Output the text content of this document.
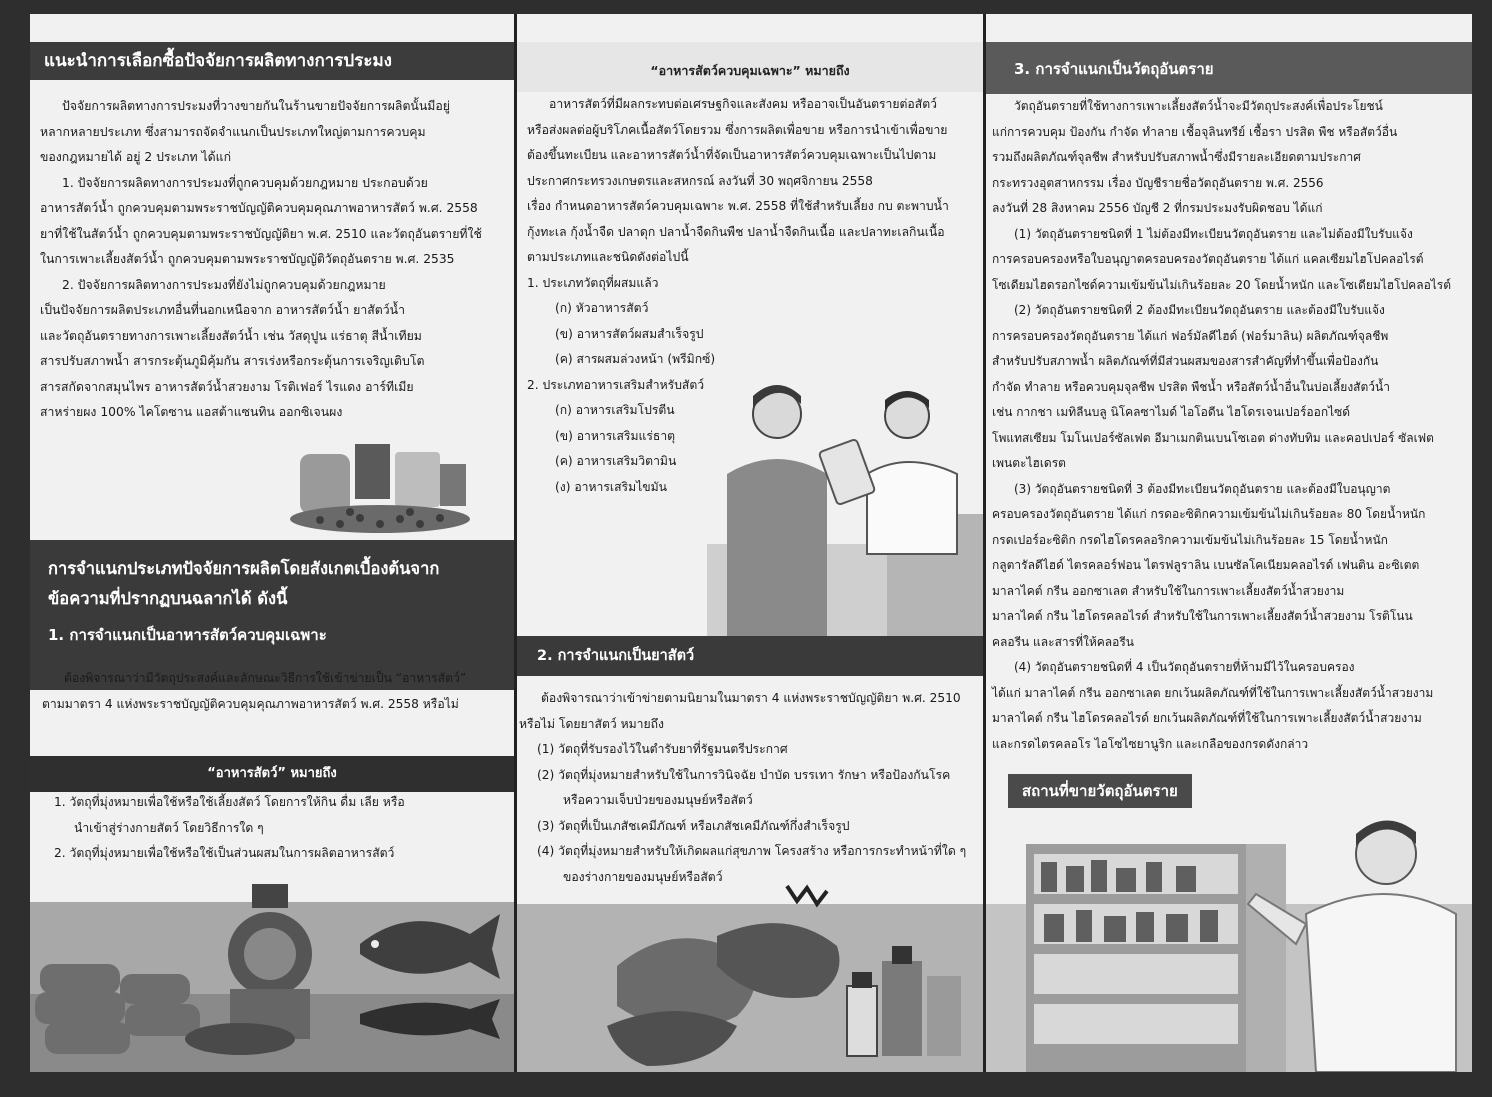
แนะนำการเลือกซื้อปัจจัยการผลิตทางการประมง
ปัจจัยการผลิตทางการประมงที่วางขายกันในร้านขายปัจจัยการผลิตนั้นมีอยู่
หลากหลายประเภท ซึ่งสามารถจัดจำแนกเป็นประเภทใหญ่ตามการควบคุม
ของกฎหมายได้ อยู่ 2 ประเภท ได้แก่
1. ปัจจัยการผลิตทางการประมงที่ถูกควบคุมด้วยกฎหมาย ประกอบด้วย
อาหารสัตว์น้ำ ถูกควบคุมตามพระราชบัญญัติควบคุมคุณภาพอาหารสัตว์ พ.ศ. 2558
ยาที่ใช้ในสัตว์น้ำ ถูกควบคุมตามพระราชบัญญัติยา พ.ศ. 2510 และวัตถุอันตรายที่ใช้
ในการเพาะเลี้ยงสัตว์น้ำ ถูกควบคุมตามพระราชบัญญัติวัตถุอันตราย พ.ศ. 2535
2. ปัจจัยการผลิตทางการประมงที่ยังไม่ถูกควบคุมด้วยกฎหมาย
เป็นปัจจัยการผลิตประเภทอื่นที่นอกเหนือจาก อาหารสัตว์น้ำ ยาสัตว์น้ำ
และวัตถุอันตรายทางการเพาะเลี้ยงสัตว์น้ำ เช่น วัสดุปูน แร่ธาตุ สีน้ำเทียม
สารปรับสภาพน้ำ สารกระตุ้นภูมิคุ้มกัน สารเร่งหรือกระตุ้นการเจริญเติบโต
สารสกัดจากสมุนไพร อาหารสัตว์น้ำสวยงาม โรติเฟอร์ ไรแดง อาร์ทีเมีย
สาหร่ายผง 100% ไคโตซาน แอสต้าแซนทิน ออกซิเจนผง
การจำแนกประเภทปัจจัยการผลิตโดยสังเกตเบื้องต้นจาก
ข้อความที่ปรากฏบนฉลากได้ ดังนี้
1. การจำแนกเป็นอาหารสัตว์ควบคุมเฉพาะ
ต้องพิจารณาว่ามีวัตถุประสงค์และลักษณะวิธีการใช้เข้าข่ายเป็น “อาหารสัตว์”
ตามมาตรา 4 แห่งพระราชบัญญัติควบคุมคุณภาพอาหารสัตว์ พ.ศ. 2558 หรือไม่
“อาหารสัตว์” หมายถึง
1. วัตถุที่มุ่งหมายเพื่อใช้หรือใช้เลี้ยงสัตว์ โดยการให้กิน ดื่ม เลีย หรือ
นำเข้าสู่ร่างกายสัตว์ โดยวิธีการใด ๆ
2. วัตถุที่มุ่งหมายเพื่อใช้หรือใช้เป็นส่วนผสมในการผลิตอาหารสัตว์
“อาหารสัตว์ควบคุมเฉพาะ” หมายถึง
อาหารสัตว์ที่มีผลกระทบต่อเศรษฐกิจและสังคม หรืออาจเป็นอันตรายต่อสัตว์
หรือส่งผลต่อผู้บริโภคเนื้อสัตว์โดยรวม ซึ่งการผลิตเพื่อขาย หรือการนำเข้าเพื่อขาย
ต้องขึ้นทะเบียน และอาหารสัตว์น้ำที่จัดเป็นอาหารสัตว์ควบคุมเฉพาะเป็นไปตาม
ประกาศกระทรวงเกษตรและสหกรณ์ ลงวันที่ 30 พฤศจิกายน 2558
เรื่อง กำหนดอาหารสัตว์ควบคุมเฉพาะ พ.ศ. 2558 ที่ใช้สำหรับเลี้ยง กบ ตะพาบน้ำ
กุ้งทะเล กุ้งน้ำจืด ปลาดุก ปลาน้ำจืดกินพืช ปลาน้ำจืดกินเนื้อ และปลาทะเลกินเนื้อ
ตามประเภทและชนิดดังต่อไปนี้
1. ประเภทวัตถุที่ผสมแล้ว
(ก) หัวอาหารสัตว์
(ข) อาหารสัตว์ผสมสำเร็จรูป
(ค) สารผสมล่วงหน้า (พรีมิกซ์)
2. ประเภทอาหารเสริมสำหรับสัตว์
(ก) อาหารเสริมโปรตีน
(ข) อาหารเสริมแร่ธาตุ
(ค) อาหารเสริมวิตามิน
(ง) อาหารเสริมไขมัน
2. การจำแนกเป็นยาสัตว์
ต้องพิจารณาว่าเข้าข่ายตามนิยามในมาตรา 4 แห่งพระราชบัญญัติยา พ.ศ. 2510
หรือไม่ โดยยาสัตว์ หมายถึง
(1) วัตถุที่รับรองไว้ในตำรับยาที่รัฐมนตรีประกาศ
(2) วัตถุที่มุ่งหมายสำหรับใช้ในการวินิจฉัย บำบัด บรรเทา รักษา หรือป้องกันโรค
หรือความเจ็บป่วยของมนุษย์หรือสัตว์
(3) วัตถุที่เป็นเภสัชเคมีภัณฑ์ หรือเภสัชเคมีภัณฑ์กึ่งสำเร็จรูป
(4) วัตถุที่มุ่งหมายสำหรับให้เกิดผลแก่สุขภาพ โครงสร้าง หรือการกระทำหน้าที่ใด ๆ
ของร่างกายของมนุษย์หรือสัตว์
3. การจำแนกเป็นวัตถุอันตราย
วัตถุอันตรายที่ใช้ทางการเพาะเลี้ยงสัตว์น้ำจะมีวัตถุประสงค์เพื่อประโยชน์
แก่การควบคุม ป้องกัน กำจัด ทำลาย เชื้อจุลินทรีย์ เชื้อรา ปรสิต พืช หรือสัตว์อื่น
รวมถึงผลิตภัณฑ์จุลชีพ สำหรับปรับสภาพน้ำซึ่งมีรายละเอียดตามประกาศ
กระทรวงอุตสาหกรรม เรื่อง บัญชีรายชื่อวัตถุอันตราย พ.ศ. 2556
ลงวันที่ 28 สิงหาคม 2556 บัญชี 2 ที่กรมประมงรับผิดชอบ ได้แก่
(1) วัตถุอันตรายชนิดที่ 1 ไม่ต้องมีทะเบียนวัตถุอันตราย และไม่ต้องมีใบรับแจ้ง
การครอบครองหรือใบอนุญาตครอบครองวัตถุอันตราย ได้แก่ แคลเซียมไฮโปคลอไรต์
โซเดียมไฮดรอกไซด์ความเข้มข้นไม่เกินร้อยละ 20 โดยน้ำหนัก และโซเดียมไฮโปคลอไรต์
(2) วัตถุอันตรายชนิดที่ 2 ต้องมีทะเบียนวัตถุอันตราย และต้องมีใบรับแจ้ง
การครอบครองวัตถุอันตราย ได้แก่ ฟอร์มัลดีไฮด์ (ฟอร์มาลิน) ผลิตภัณฑ์จุลชีพ
สำหรับปรับสภาพน้ำ ผลิตภัณฑ์ที่มีส่วนผสมของสารสำคัญที่ทำขึ้นเพื่อป้องกัน
กำจัด ทำลาย หรือควบคุมจุลชีพ ปรสิต พืชน้ำ หรือสัตว์น้ำอื่นในบ่อเลี้ยงสัตว์น้ำ
เช่น กากชา เมทิลีนบลู นิโคลซาไมด์ ไอโอดีน ไฮโดรเจนเปอร์ออกไซด์
โพแทสเซียม โมโนเปอร์ซัลเฟต อีมาเมกตินเบนโซเอต ด่างทับทิม และคอปเปอร์ ซัลเฟต
เพนตะไฮเดรต
(3) วัตถุอันตรายชนิดที่ 3 ต้องมีทะเบียนวัตถุอันตราย และต้องมีใบอนุญาต
ครอบครองวัตถุอันตราย ได้แก่ กรดอะซิติกความเข้มข้นไม่เกินร้อยละ 80 โดยน้ำหนัก
กรดเปอร์อะซิติก กรดไฮโดรคลอริกความเข้มข้นไม่เกินร้อยละ 15 โดยน้ำหนัก
กลูตารัลดีไฮด์ ไตรคลอร์ฟอน ไตรฟลูราลิน เบนซัลโคเนียมคลอไรด์ เฟนติน อะซิเตต
มาลาไคต์ กรีน ออกซาเลต สำหรับใช้ในการเพาะเลี้ยงสัตว์น้ำสวยงาม
มาลาไคต์ กรีน ไฮโดรคลอไรด์ สำหรับใช้ในการเพาะเลี้ยงสัตว์น้ำสวยงาม โรติโนน
คลอรีน และสารที่ให้คลอรีน
(4) วัตถุอันตรายชนิดที่ 4 เป็นวัตถุอันตรายที่ห้ามมีไว้ในครอบครอง
ได้แก่ มาลาไคต์ กรีน ออกซาเลต ยกเว้นผลิตภัณฑ์ที่ใช้ในการเพาะเลี้ยงสัตว์น้ำสวยงาม
มาลาไคต์ กรีน ไฮโดรคลอไรด์ ยกเว้นผลิตภัณฑ์ที่ใช้ในการเพาะเลี้ยงสัตว์น้ำสวยงาม
และกรดไตรคลอโร ไอโซไซยานูริก และเกลือของกรดดังกล่าว
สถานที่ขายวัตถุอันตราย
